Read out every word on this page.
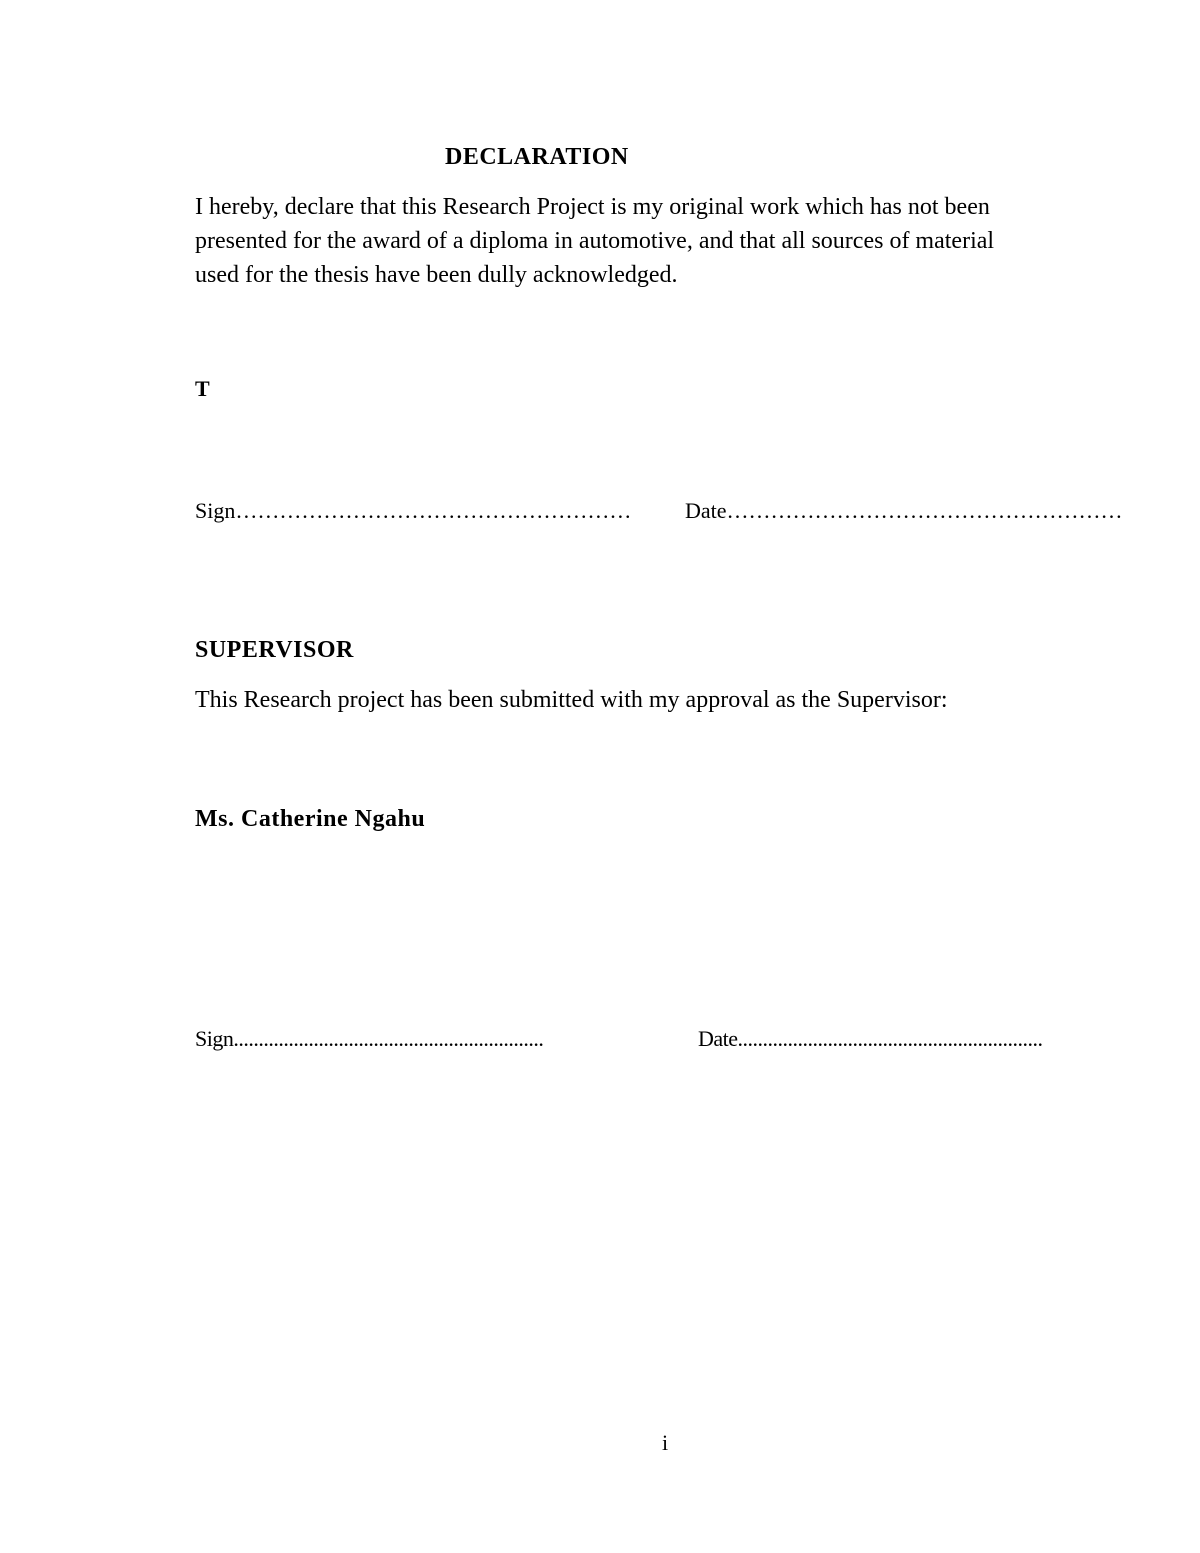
DECLARATION
I hereby, declare that this Research Project is my original work which has not been
presented for the award of a diploma in automotive, and that all sources of material
used for the thesis have been dully acknowledged.
T
Sign……………………………………………… Date………………………………………………
SUPERVISOR
This Research project has been submitted with my approval as the Supervisor:
Ms. Catherine Ngahu
Sign..............................................................	Date.............................................................
i
